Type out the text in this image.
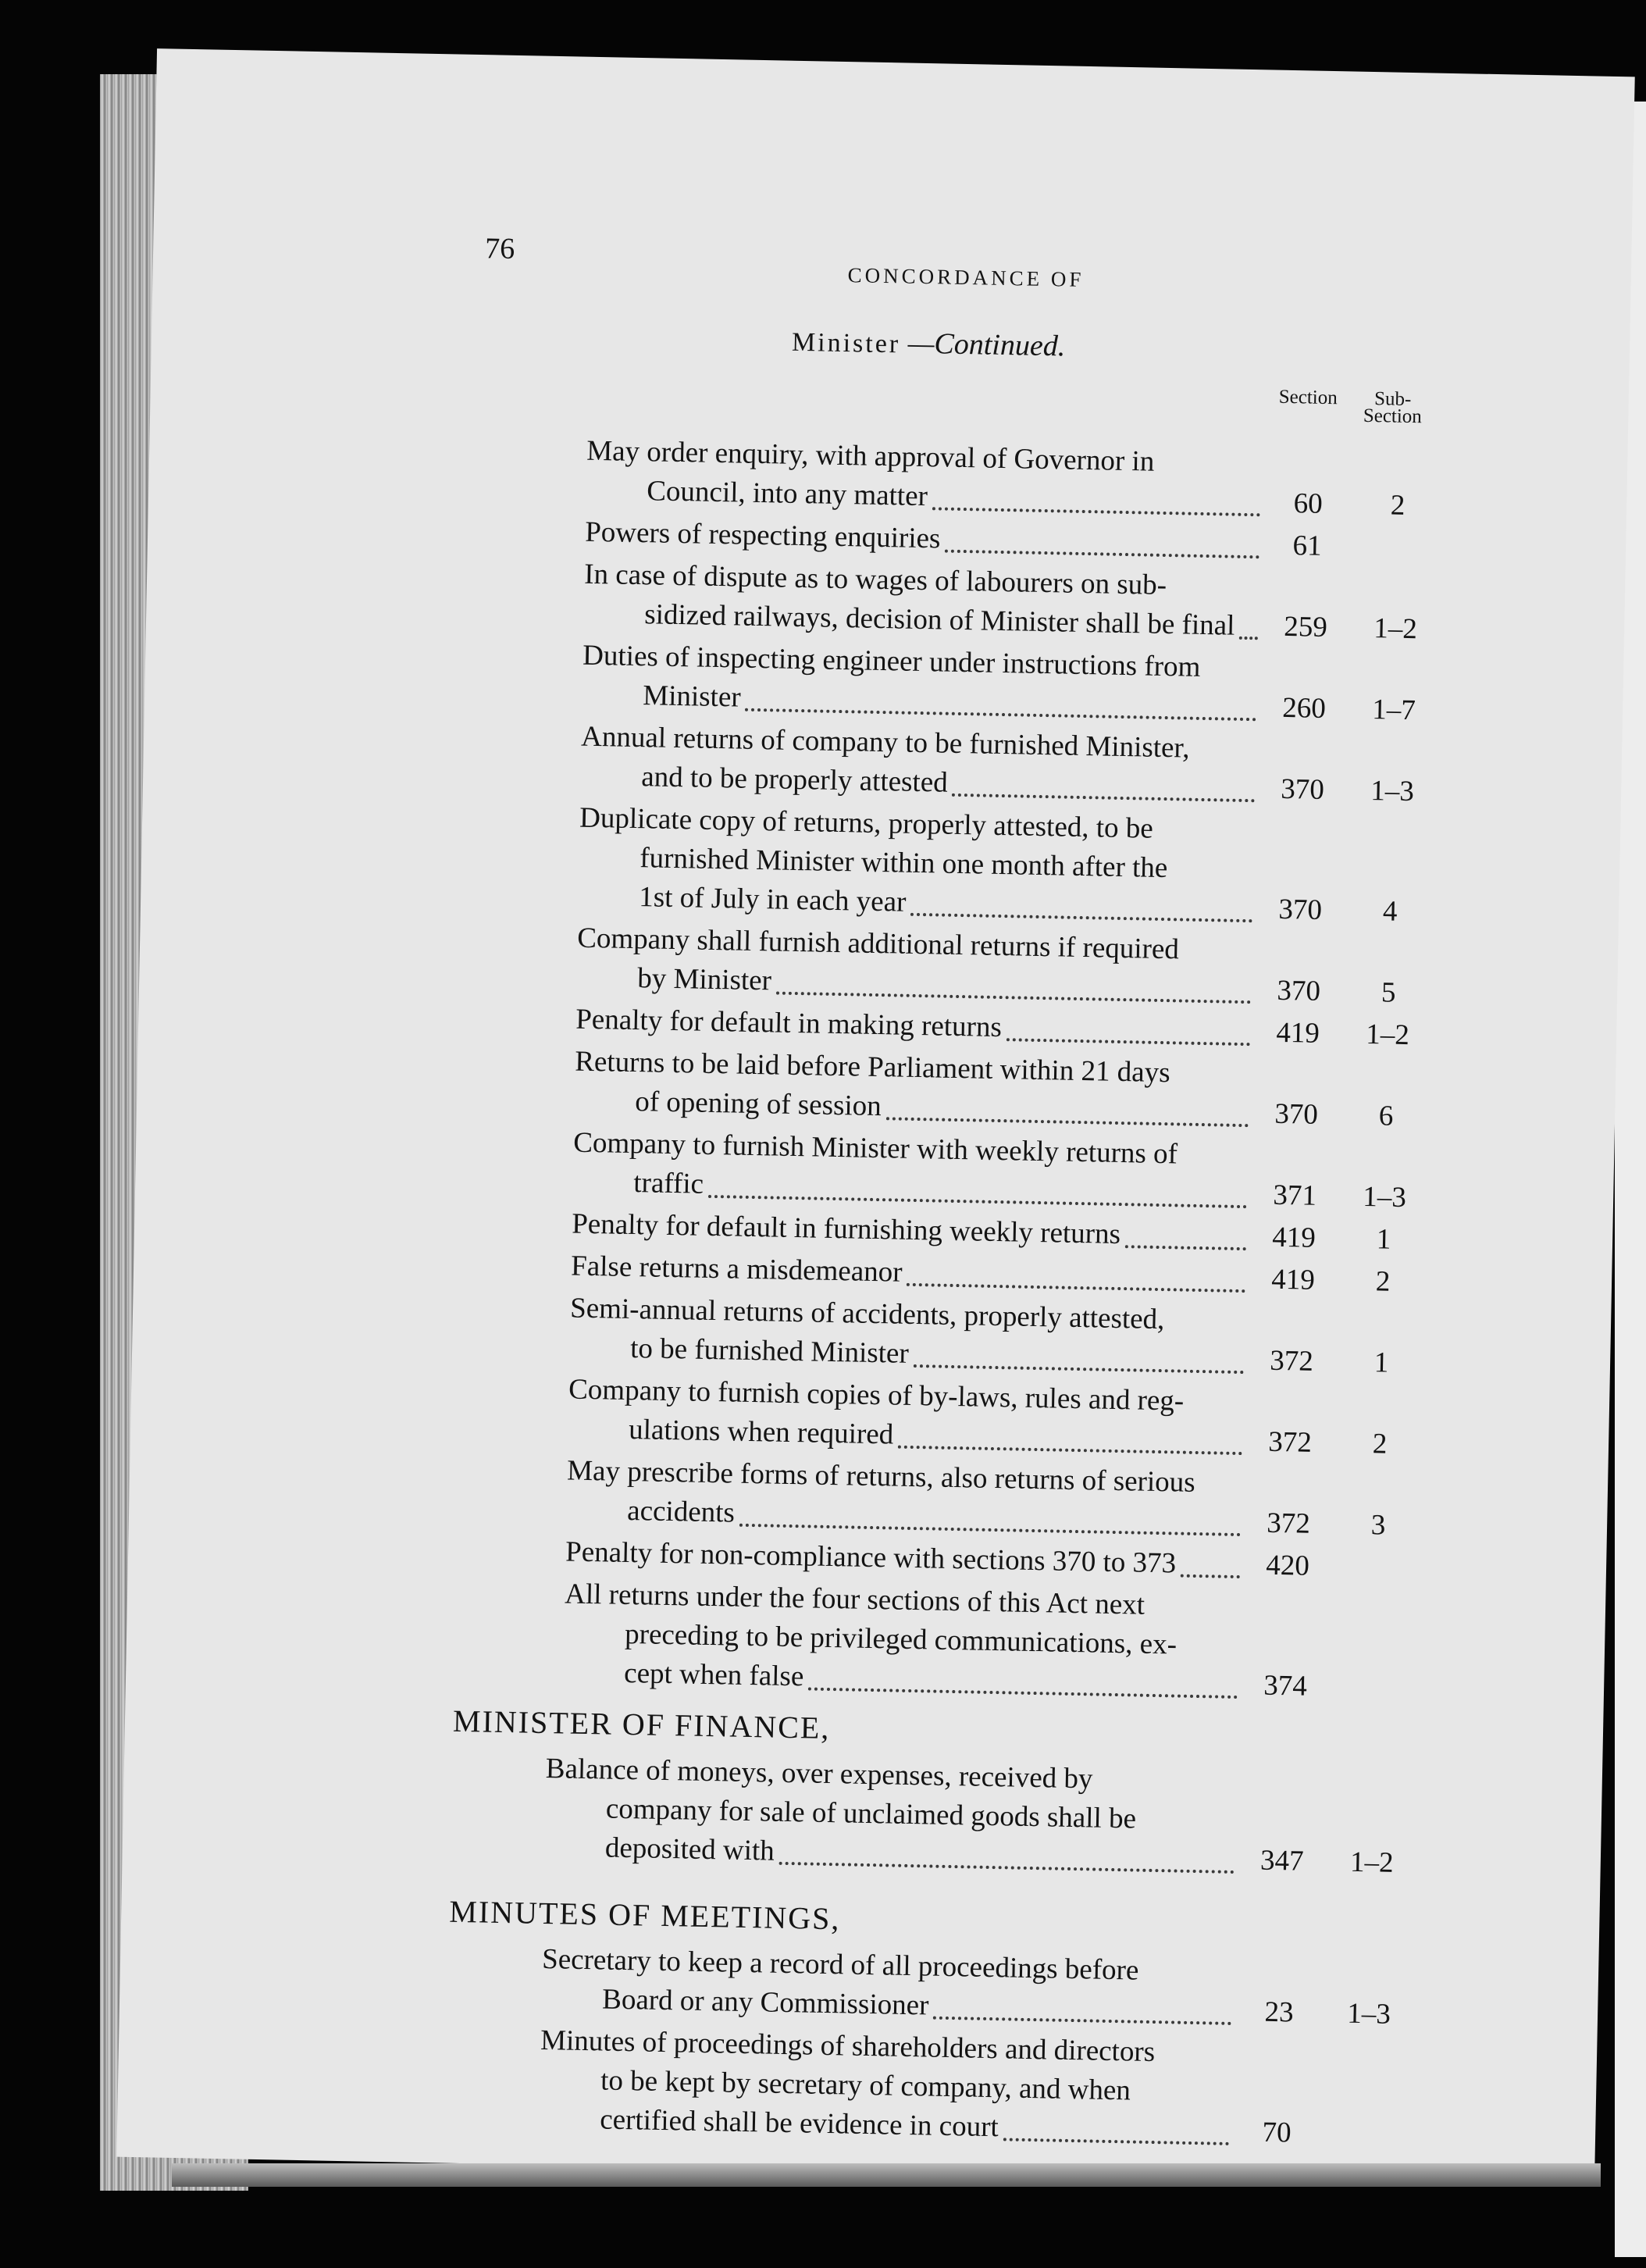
76
CONCORDANCE OF
Minister —Continued.
Section	Sub-
Section
May order enquiry, with approval of Governor in
Council, into any matter	60	2
Powers of respecting enquiries	61
In case of dispute as to wages of labourers on sub-
sidized railways, decision of Minister shall be final	259	1–2
Duties of inspecting engineer under instructions from
Minister	260	1–7
Annual returns of company to be furnished Minister,
and to be properly attested	370	1–3
Duplicate copy of returns, properly attested, to be
furnished Minister within one month after the
1st of July in each year	370	4
Company shall furnish additional returns if required
by Minister	370	5
Penalty for default in making returns	419	1–2
Returns to be laid before Parliament within 21 days
of opening of session	370	6
Company to furnish Minister with weekly returns of
traffic	371	1–3
Penalty for default in furnishing weekly returns	419	1
False returns a misdemeanor	419	2
Semi-annual returns of accidents, properly attested,
to be furnished Minister	372	1
Company to furnish copies of by-laws, rules and reg-
ulations when required	372	2
May prescribe forms of returns, also returns of serious
accidents	372	3
Penalty for non-compliance with sections 370 to 373	420
All returns under the four sections of this Act next
preceding to be privileged communications, ex-
cept when false	374
MINISTER OF FINANCE,
Balance of moneys, over expenses, received by
company for sale of unclaimed goods shall be
deposited with	347	1–2
MINUTES OF MEETINGS,
Secretary to keep a record of all proceedings before
Board or any Commissioner	23	1–3
Minutes of proceedings of shareholders and directors
to be kept by secretary of company, and when
certified shall be evidence in court	70
